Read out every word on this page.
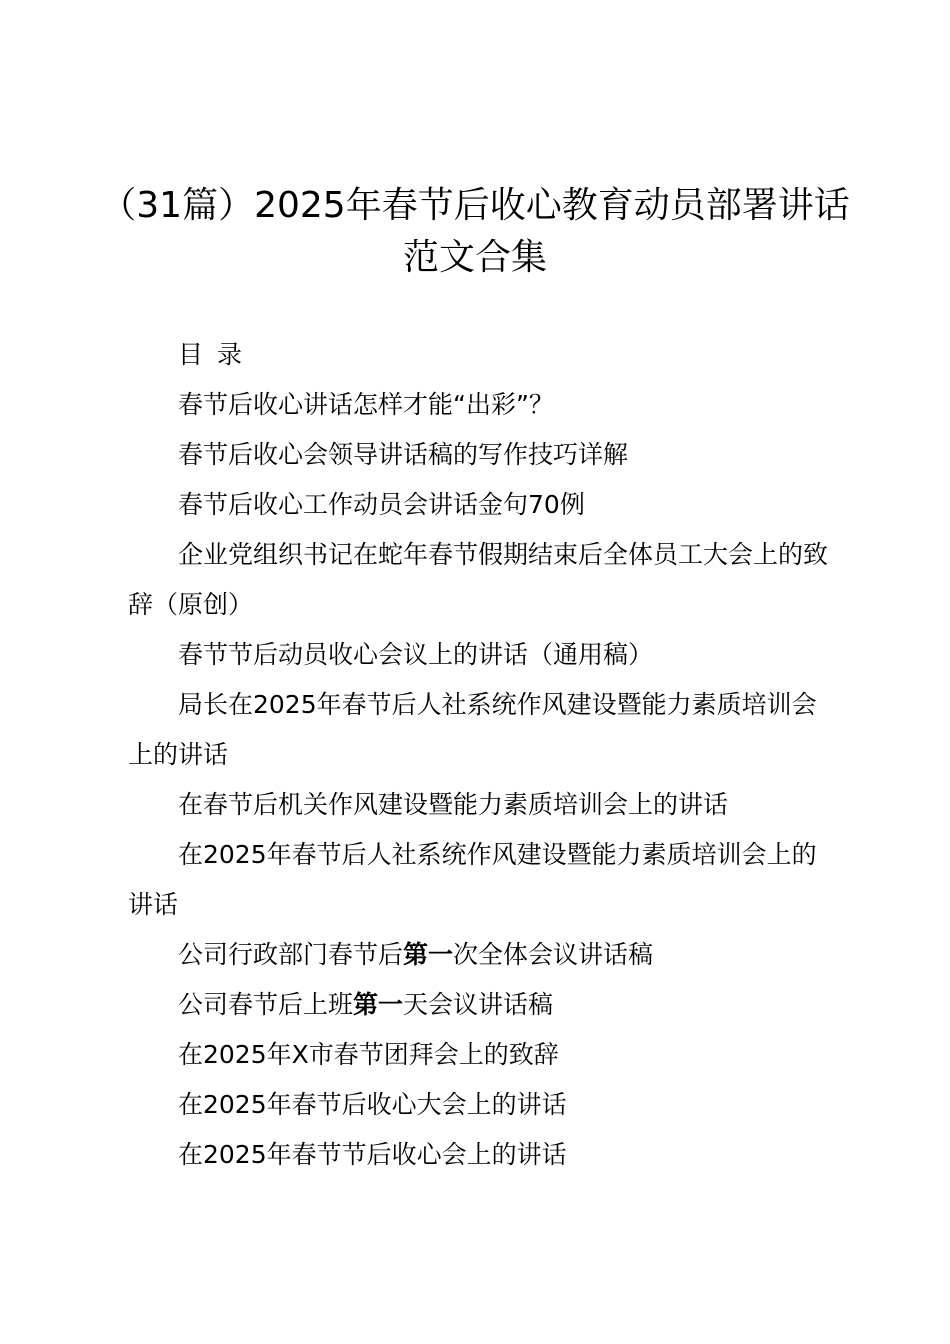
（31篇）2025年春节后收心教育动员部署讲话范文合集

目 录

春节后收心讲话怎样才能“出彩”？

春节后收心会领导讲话稿的写作技巧详解

春节后收心工作动员会讲话金句70例

企业党组织书记在蛇年春节假期结束后全体员工大会上的致辞（原创）

春节节后动员收心会议上的讲话（通用稿）

局长在2025年春节后人社系统作风建设暨能力素质培训会上的讲话

在春节后机关作风建设暨能力素质培训会上的讲话

在2025年春节后人社系统作风建设暨能力素质培训会上的讲话

公司行政部门春节后第一次全体会议讲话稿

公司春节后上班第一天会议讲话稿

在2025年X市春节团拜会上的致辞

在2025年春节后收心大会上的讲话

在2025年春节节后收心会上的讲话
